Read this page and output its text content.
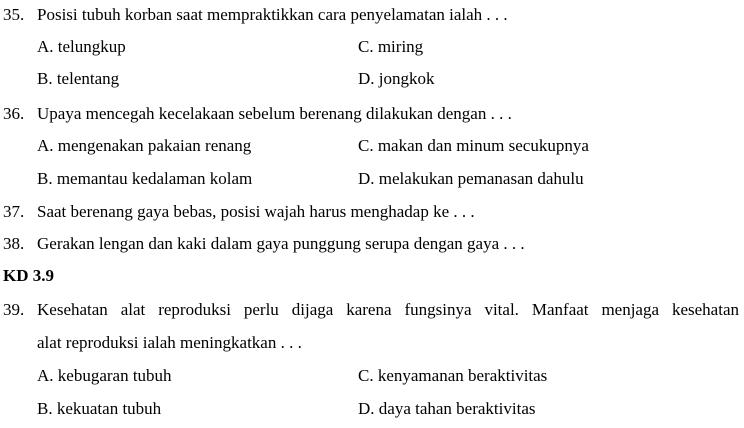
35. Posisi tubuh korban saat mempraktikkan cara penyelamatan ialah . . .
A. telungkup	C. miring
B. telentang	D. jongkok
36. Upaya mencegah kecelakaan sebelum berenang dilakukan dengan . . .
A. mengenakan pakaian renang	C. makan dan minum secukupnya
B. memantau kedalaman kolam	D. melakukan pemanasan dahulu
37. Saat berenang gaya bebas, posisi wajah harus menghadap ke . . .
38. Gerakan lengan dan kaki dalam gaya punggung serupa dengan gaya . . .
KD 3.9
39. Kesehatan alat reproduksi perlu dijaga karena fungsinya vital. Manfaat menjaga kesehatan
alat reproduksi ialah meningkatkan . . .
A. kebugaran tubuh	C. kenyamanan beraktivitas
B. kekuatan tubuh	D. daya tahan beraktivitas
